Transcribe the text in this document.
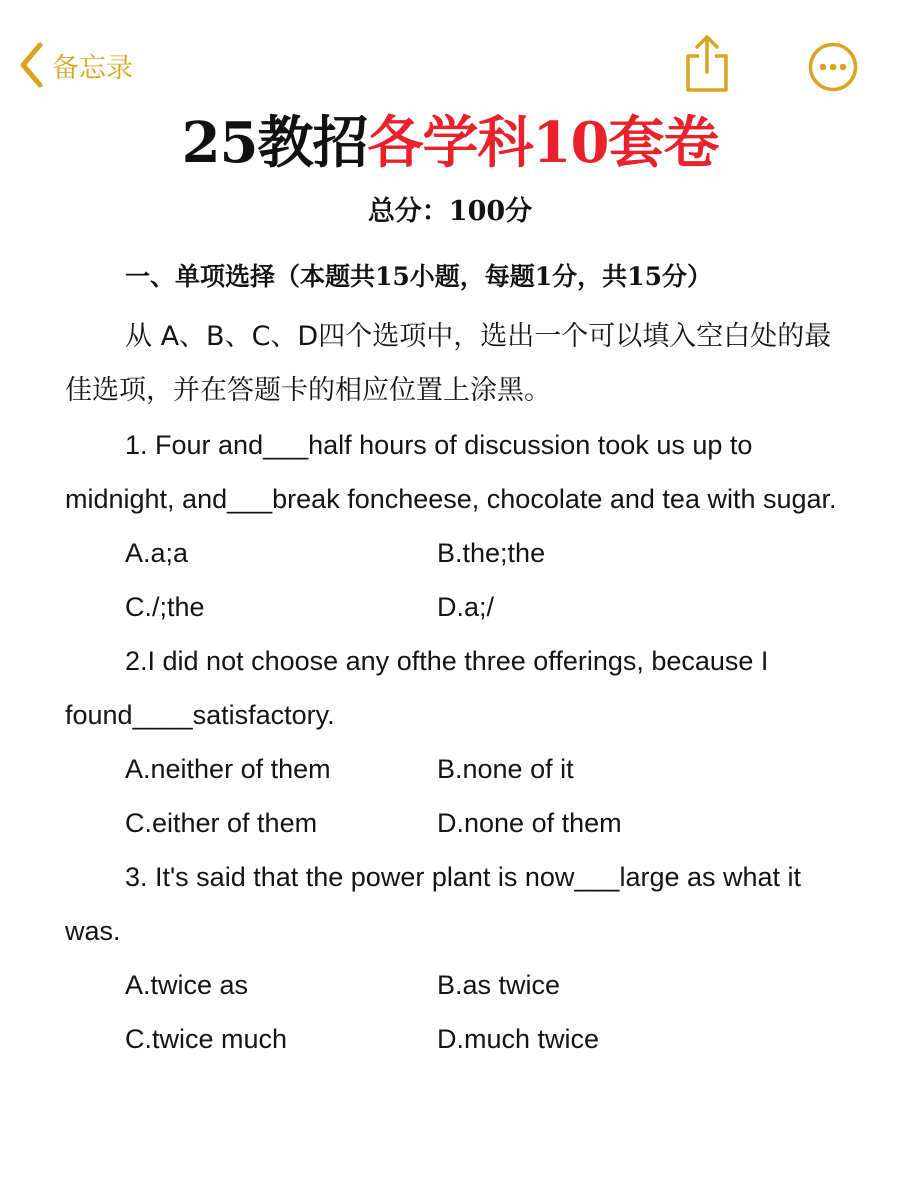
备忘录
25教招各学科10套卷
总分：100分
一、单项选择（本题共15小题，每题1分，共15分）

从 A、B、C、D四个选项中，选出一个可以填入空白处的最佳选项，并在答题卡的相应位置上涂黑。

1. Four and___half hours of discussion took us up to midnight, and___break foncheese, chocolate and tea with sugar.

A.a;a	B.the;the
C./;the	D.a;/

2.I did not choose any ofthe three offerings, because I found____satisfactory.

A.neither of them	B.none of it
C.either of them	D.none of them

3. It's said that the power plant is now___large as what it was.

A.twice as	B.as twice
C.twice much	D.much twice
